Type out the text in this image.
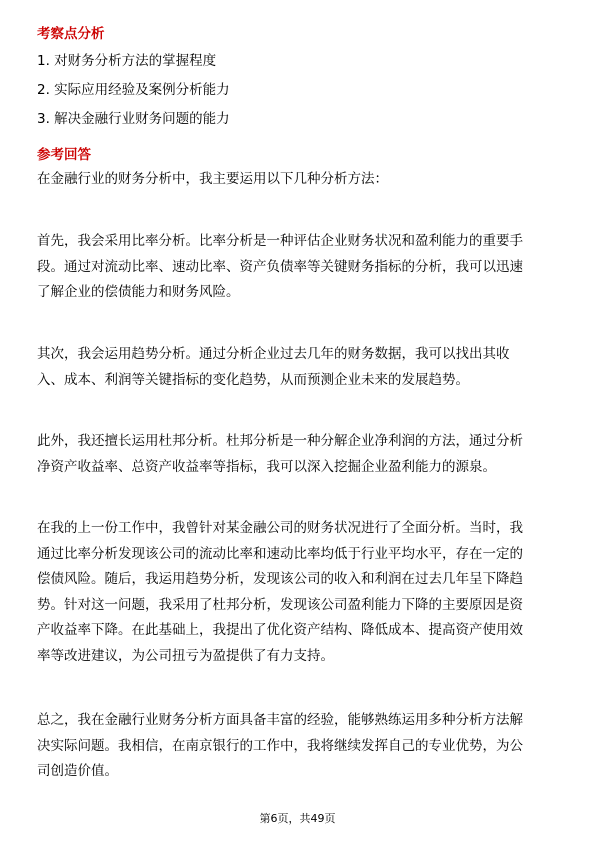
考察点分析
1. 对财务分析方法的掌握程度
2. 实际应用经验及案例分析能力
3. 解决金融行业财务问题的能力
参考回答
在金融行业的财务分析中，我主要运用以下几种分析方法：
首先，我会采用比率分析。比率分析是一种评估企业财务状况和盈利能力的重要手
段。通过对流动比率、速动比率、资产负债率等关键财务指标的分析，我可以迅速
了解企业的偿债能力和财务风险。
其次，我会运用趋势分析。通过分析企业过去几年的财务数据，我可以找出其收
入、成本、利润等关键指标的变化趋势，从而预测企业未来的发展趋势。
此外，我还擅长运用杜邦分析。杜邦分析是一种分解企业净利润的方法，通过分析
净资产收益率、总资产收益率等指标，我可以深入挖掘企业盈利能力的源泉。
在我的上一份工作中，我曾针对某金融公司的财务状况进行了全面分析。当时，我
通过比率分析发现该公司的流动比率和速动比率均低于行业平均水平，存在一定的
偿债风险。随后，我运用趋势分析，发现该公司的收入和利润在过去几年呈下降趋
势。针对这一问题，我采用了杜邦分析，发现该公司盈利能力下降的主要原因是资
产收益率下降。在此基础上，我提出了优化资产结构、降低成本、提高资产使用效
率等改进建议，为公司扭亏为盈提供了有力支持。
总之，我在金融行业财务分析方面具备丰富的经验，能够熟练运用多种分析方法解
决实际问题。我相信，在南京银行的工作中，我将继续发挥自己的专业优势，为公
司创造价值。
第6页，共49页
